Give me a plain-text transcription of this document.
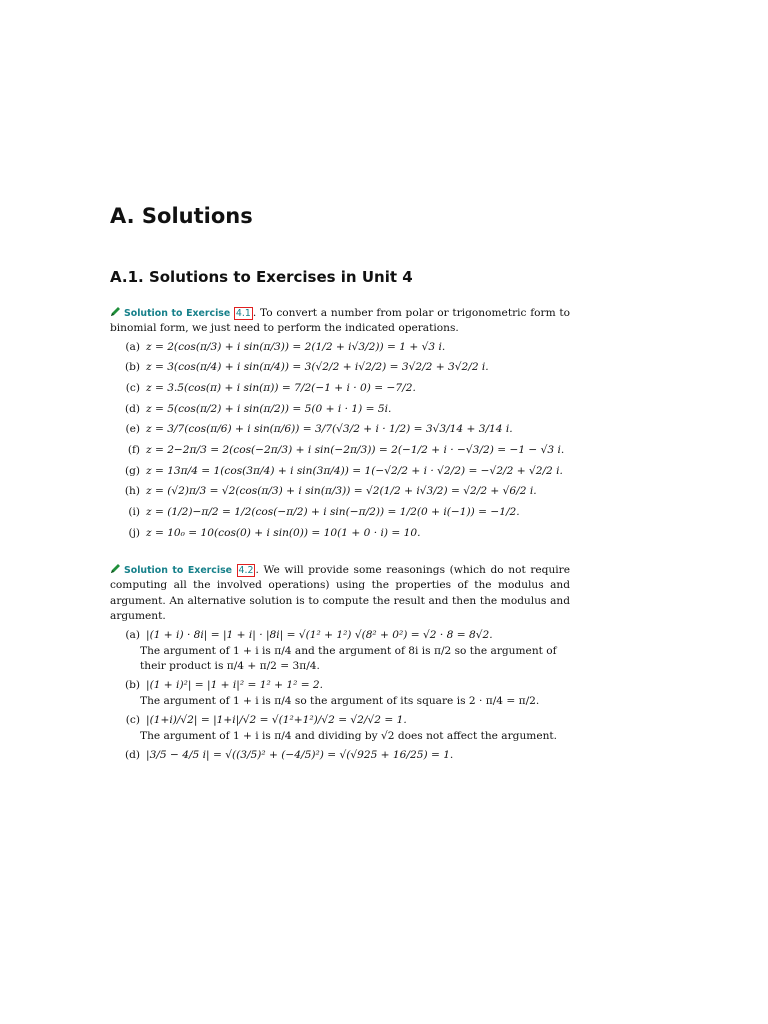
A. Solutions
A.1. Solutions to Exercises in Unit 4

Solution to Exercise 4.1 . To convert a number from polar or trigonometric form to binomial form, we just need to perform the indicated operations.

(a) z = 2(cos(π/3) + i sin(π/3)) = 2(1/2 + i√3/2)) = 1 + √3 i.
(b) z = 3(cos(π/4) + i sin(π/4)) = 3(√2/2 + i√2/2) = 3√2/2 + 3√2/2 i.
(c) z = 3.5(cos(π) + i sin(π)) = 7/2(−1 + i · 0) = −7/2.
(d) z = 5(cos(π/2) + i sin(π/2)) = 5(0 + i · 1) = 5i.
(e) z = 3/7(cos(π/6) + i sin(π/6)) = 3/7(√3/2 + i · 1/2) = 3√3/14 + 3/14 i.
(f) z = 2−2π/3 = 2(cos(−2π/3) + i sin(−2π/3)) = 2(−1/2 + i · −√3/2) = −1 − √3 i.
(g) z = 13π/4 = 1(cos(3π/4) + i sin(3π/4)) = 1(−√2/2 + i · √2/2) = −√2/2 + √2/2 i.
(h) z = (√2)π/3 = √2(cos(π/3) + i sin(π/3)) = √2(1/2 + i√3/2) = √2/2 + √6/2 i.
(i) z = (1/2)−π/2 = 1/2(cos(−π/2) + i sin(−π/2)) = 1/2(0 + i(−1)) = −1/2.
(j) z = 10₀ = 10(cos(0) + i sin(0)) = 10(1 + 0 · i) = 10.

Solution to Exercise 4.2 . We will provide some reasonings (which do not require computing all the involved operations) using the properties of the modulus and argument. An alternative solution is to compute the result and then the modulus and argument.

(a) |(1 + i) · 8i| = |1 + i| · |8i| = √(1² + 1²) √(8² + 0²) = √2 · 8 = 8√2.

The argument of 1 + i is π/4 and the argument of 8i is π/2 so the argument of their product is π/4 + π/2 = 3π/4.

(b) |(1 + i)²| = |1 + i|² = 1² + 1² = 2.

The argument of 1 + i is π/4 so the argument of its square is 2 · π/4 = π/2.

(c) |(1+i)/√2| = |1+i|/√2 = √(1²+1²)/√2 = √2/√2 = 1.

The argument of 1 + i is π/4 and dividing by √2 does not affect the argument.

(d) |3/5 − 4/5 i| = √((3/5)² + (−4/5)²) = √(√925 + 16/25) = 1.
